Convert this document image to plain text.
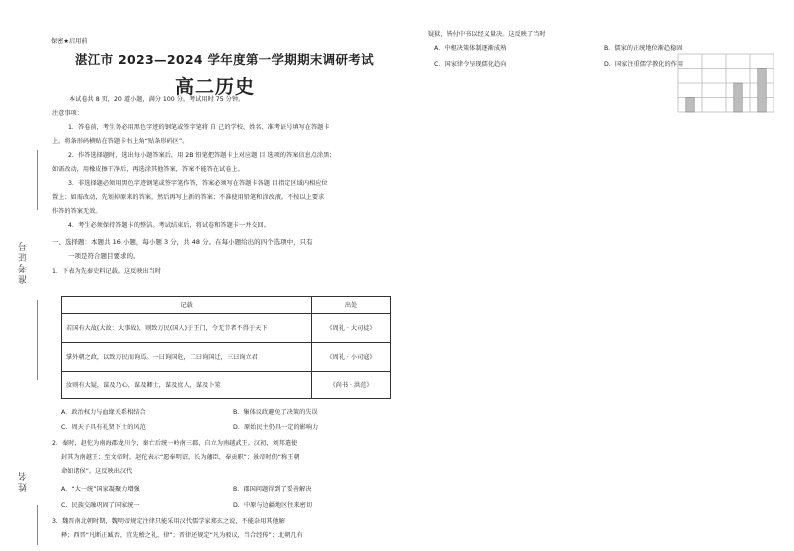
准考证号
姓名
保密★启用前
湛江市 2023—2024 学年度第一学期期末调研考试
高二历史
本试卷共 8 页，20 道小题，满分 100 分。考试用时 75 分钟。
注意事项：
1．答卷前，考生务必用黑色字迹的钢笔或签字笔将 自 己的学校、姓名、准考证号填写在答题卡
上。将条形码横贴在答题卡右上角“贴条形码区”。
2．作答选择题时，选出每小题答案后，用 2B 铅笔把答题卡上对应题 目 选项的答案信息点涂黑；
如需改动，用橡皮擦干净后，再选涂其他答案，答案不能答在试卷上。
3．非选择题必须用黑色字迹钢笔或签字笔作答，答案必须写在答题卡各题 目指定区域内相应位
置上；如需改动，先划掉原来的答案，然后再写上新的答案；不准使用铅笔和涂改液。不按以上要求
作答的答案无效。
4．考生必须保持答题卡的整洁。考试结束后，将试卷和答题卡一并交回。
一、选择题：本题共 16 小题，每小题 3 分，共 48 分。在每小题给出的四个选项中，只有
一项是符合题目要求的。
1．下表为先秦史料记载。这反映出当时
记载	出处
若国有大故(大故：大事故)，则致万民(国人)于王门，令无节者不得于天下	《周礼 · 大司徒》
掌外朝之政，以致万民而询焉。一曰询国危，二曰询国迁，三曰询立君	《周礼 · 小司寇》
汝则有大疑，谋及乃心，谋及卿士，谋及庶人，谋及卜筮	《尚书 · 洪范》
A．政治权力与血缘关系相结合	B．集体议政避免了决策的失误
C．周天子具有礼贤下士的风范	D．原始民主仍具一定的影响力
2．秦时，赵佗为南海郡龙川令，秦亡后统一岭南三郡，自立为南越武王。汉初，刘邦遣使
封其为南越王；至文帝时，赵佗表示“愿奉明诏，长为藩臣，奉贡职”；景帝时仍“称王朝
命如诸侯”。这反映出汉代
A．“大一统”国家凝聚力增强	B．郡国问题得到了妥善解决
C．民族交融巩固了国家统一	D．中原与边疆地区往来密切
3．魏晋南北朝时期，魏明帝规定注律只能采用汉代儒学家郑玄之说，不能杂用其他解
释；西晋“凡断正臧否，宜先稽之礼、律”；晋律还规定“凡为驳议，当合经传”；北朝几有
疑狱，皆付中书以经义量决。这反映了当时
A．中枢决策体制逐渐成熟	B．儒家的正统地位渐趋稳固
C．国家律令呈现儒化趋向	D．国家注重儒学教化的作用
